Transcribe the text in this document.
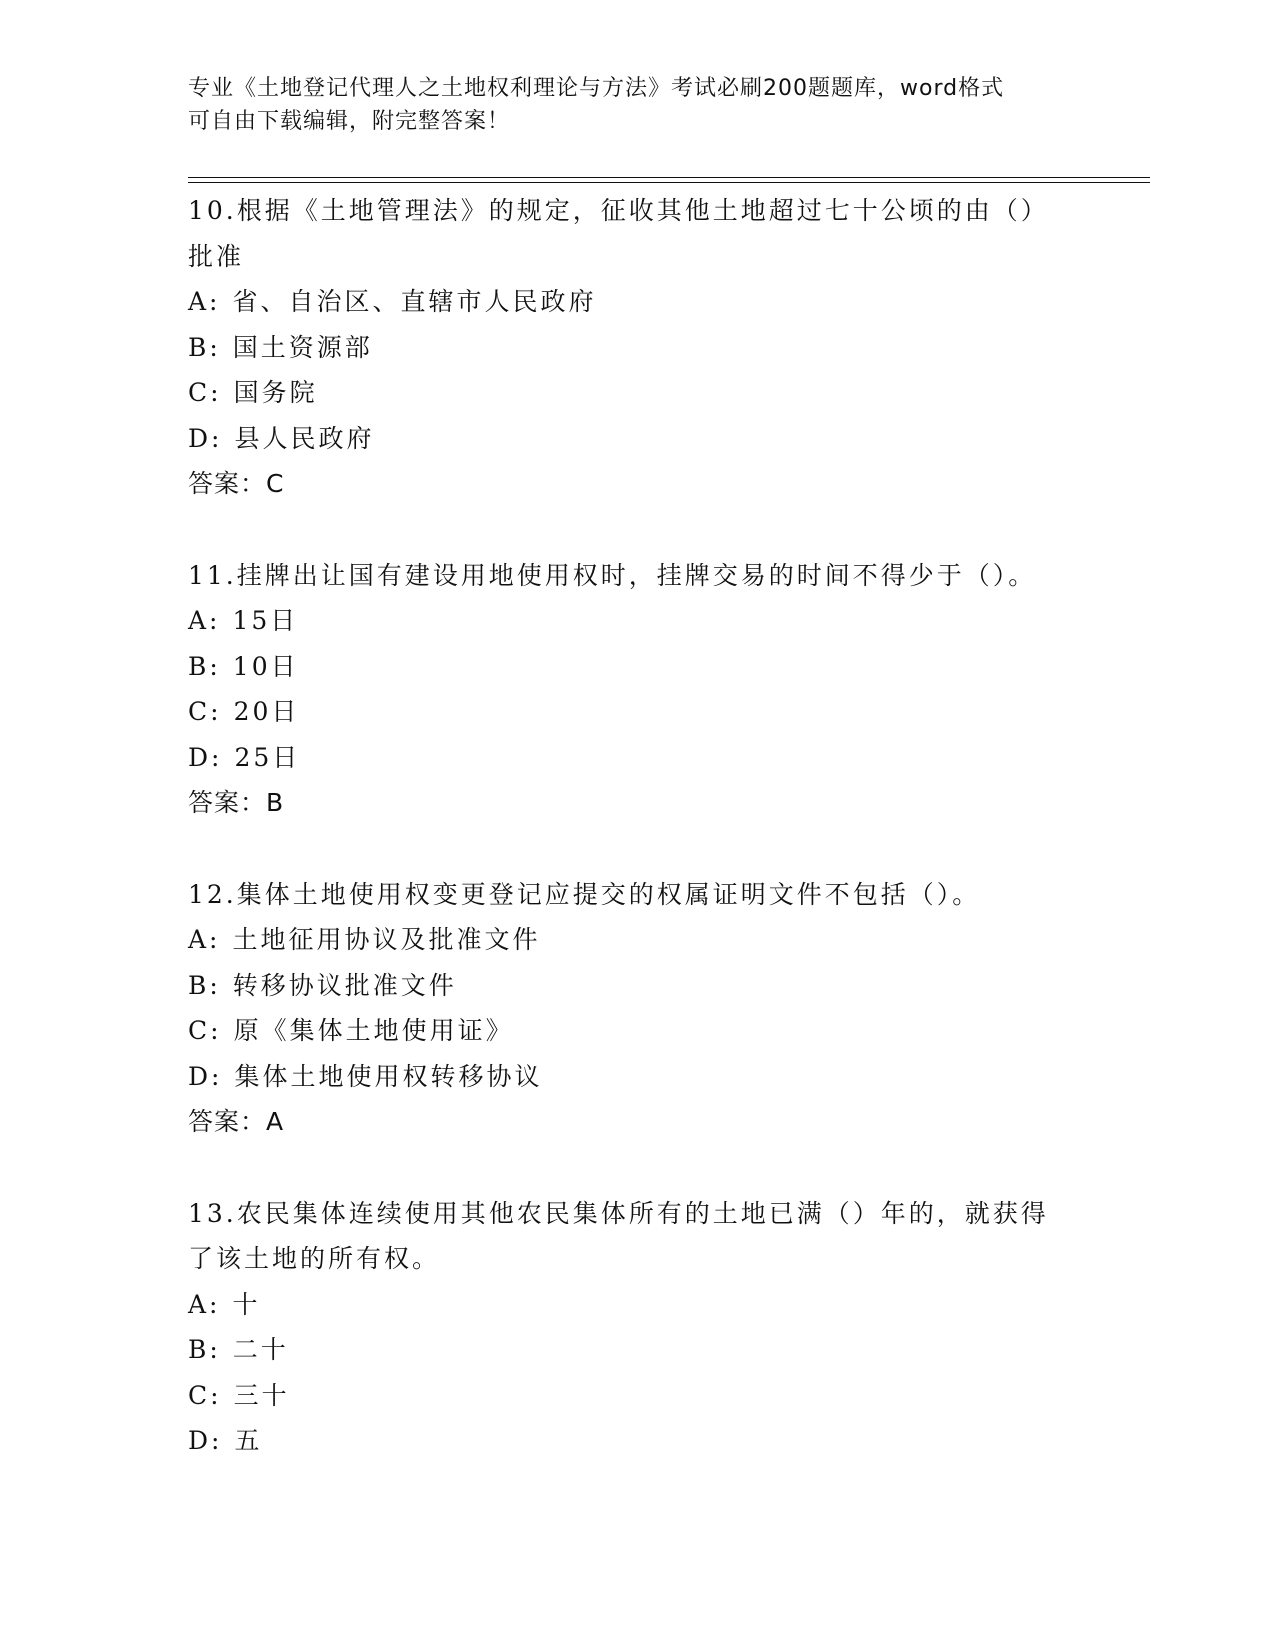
专业《土地登记代理人之土地权利理论与方法》考试必刷200题题库，word格式

可自由下载编辑，附完整答案！

10.根据《土地管理法》的规定，征收其他土地超过七十公顷的由（）批准

A: 省、自治区、直辖市人民政府

B: 国土资源部

C: 国务院

D: 县人民政府

答案：C

11.挂牌出让国有建设用地使用权时，挂牌交易的时间不得少于（）。

A: 15日

B: 10日

C: 20日

D: 25日

答案：B

12.集体土地使用权变更登记应提交的权属证明文件不包括（）。

A: 土地征用协议及批准文件

B: 转移协议批准文件

C: 原《集体土地使用证》

D: 集体土地使用权转移协议

答案：A

13.农民集体连续使用其他农民集体所有的土地已满（）年的，就获得了该土地的所有权。

A: 十

B: 二十

C: 三十

D: 五
